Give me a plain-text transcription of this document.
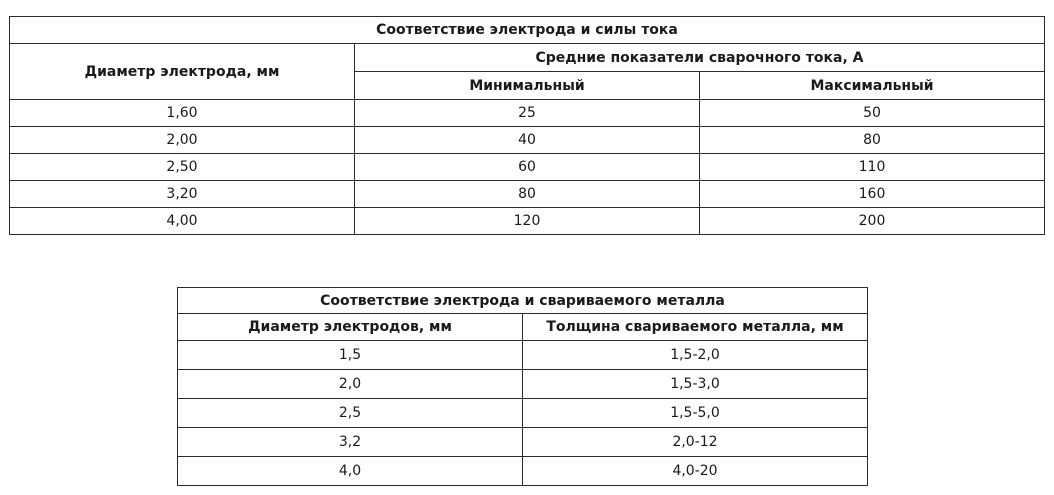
Соответствие электрода и силы тока		
Диаметр электрода, мм	Средние показатели сварочного тока, А	
	Минимальный	Максимальный
1,60	25	50
2,00	40	80
2,50	60	110
3,20	80	160
4,00	120	200
Соответствие электрода и свариваемого металла	
Диаметр электродов, мм	Толщина свариваемого металла, мм
1,5	1,5-2,0
2,0	1,5-3,0
2,5	1,5-5,0
3,2	2,0-12
4,0	4,0-20
